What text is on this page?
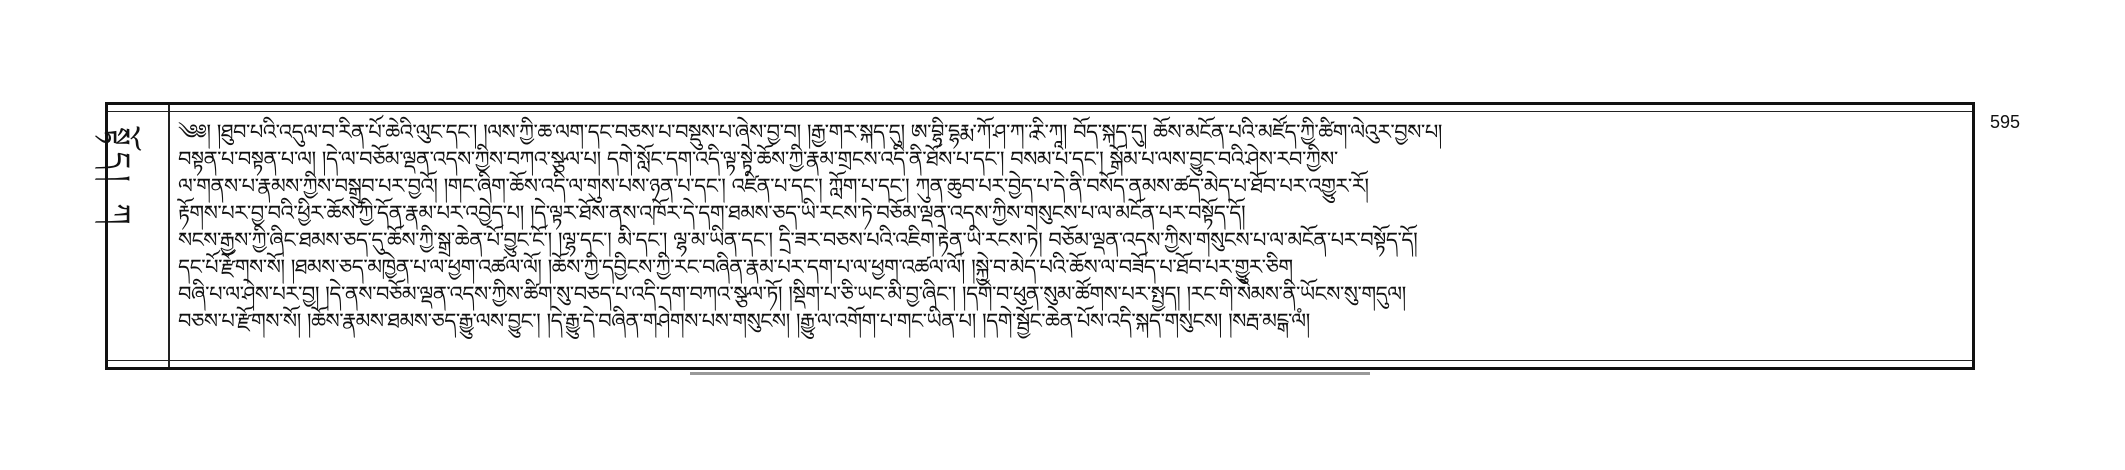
སྟོད། ཀ	༄༅། །ཐུབ་པའི་འདུལ་བ་རིན་པོ་ཆེའི་ལུང་དང་། །ལས་ཀྱི་ཆ་ལག་དང་བཅས་པ་བསྡུས་པ་ཞེས་བྱ་བ། །རྒྱ་གར་སྐད་དུ། ཨ་བྷི་དྷརྨ་ཀོ་ཤ་ཀ་ཱ་རི་ཀཱ། བོད་སྐད་དུ། ཆོས་མངོན་པའི་མཛོད་ཀྱི་ཚིག་ལེའུར་བྱས་པ།
བསྟན་པ་བསྟན་པ་ལ། །དེ་ལ་བཅོམ་ལྡན་འདས་ཀྱིས་བཀའ་སྩལ་པ། དགེ་སློང་དག་འདི་ལྟ་སྟེ་ཆོས་ཀྱི་རྣམ་གྲངས་འདི་ནི་ཐོས་པ་དང་། བསམ་པ་དང་། སྒོམ་པ་ལས་བྱུང་བའི་ཤེས་རབ་ཀྱིས་
ལ་གནས་པ་རྣམས་ཀྱིས་བསྒྲུབ་པར་བྱའོ། །གང་ཞིག་ཆོས་འདི་ལ་གུས་པས་ཉན་པ་དང་། འཛིན་པ་དང་། ཀློག་པ་དང་། ཀུན་ཆུབ་པར་བྱེད་པ་དེ་ནི་བསོད་ནམས་ཚད་མེད་པ་ཐོབ་པར་འགྱུར་རོ།
རྟོགས་པར་བྱ་བའི་ཕྱིར་ཆོས་ཀྱི་དོན་རྣམ་པར་འབྱེད་པ། །དེ་ལྟར་ཐོས་ནས་འཁོར་དེ་དག་ཐམས་ཅད་ཡི་རངས་ཏེ་བཅོམ་ལྡན་འདས་ཀྱིས་གསུངས་པ་ལ་མངོན་པར་བསྟོད་དོ།
སངས་རྒྱས་ཀྱི་ཞིང་ཐམས་ཅད་དུ་ཆོས་ཀྱི་སྒྲ་ཆེན་པོ་བྱུང་ངོ་། །ལྷ་དང་། མི་དང་། ལྷ་མ་ཡིན་དང་། དྲི་ཟར་བཅས་པའི་འཇིག་རྟེན་ཡི་རངས་ཏེ། བཅོམ་ལྡན་འདས་ཀྱིས་གསུངས་པ་ལ་མངོན་པར་བསྟོད་དོ།
དང་པོ་རྫོགས་སོ། །ཐམས་ཅད་མཁྱེན་པ་ལ་ཕྱག་འཚལ་ལོ། །ཆོས་ཀྱི་དབྱིངས་ཀྱི་རང་བཞིན་རྣམ་པར་དག་པ་ལ་ཕྱག་འཚལ་ལོ། །སྐྱེ་བ་མེད་པའི་ཆོས་ལ་བཟོད་པ་ཐོབ་པར་གྱུར་ཅིག
བཞི་པ་ལ་ཤེས་པར་བྱ། །དེ་ནས་བཅོམ་ལྡན་འདས་ཀྱིས་ཚིག་སུ་བཅད་པ་འདི་དག་བཀའ་སྩལ་ཏོ། །སྡིག་པ་ཅི་ཡང་མི་བྱ་ཞིང་། །དགེ་བ་ཕུན་སུམ་ཚོགས་པར་སྤྱད། །རང་གི་སེམས་ནི་ཡོངས་སུ་གདུལ།
བཅས་པ་རྫོགས་སོ། །ཆོས་རྣམས་ཐམས་ཅད་རྒྱུ་ལས་བྱུང་། །དེ་རྒྱུ་དེ་བཞིན་གཤེགས་པས་གསུངས། །རྒྱུ་ལ་འགོག་པ་གང་ཡིན་པ། །དགེ་སྦྱོང་ཆེན་པོས་འདི་སྐད་གསུངས། །སརྦ་མངྒ་ལཾ།
595
